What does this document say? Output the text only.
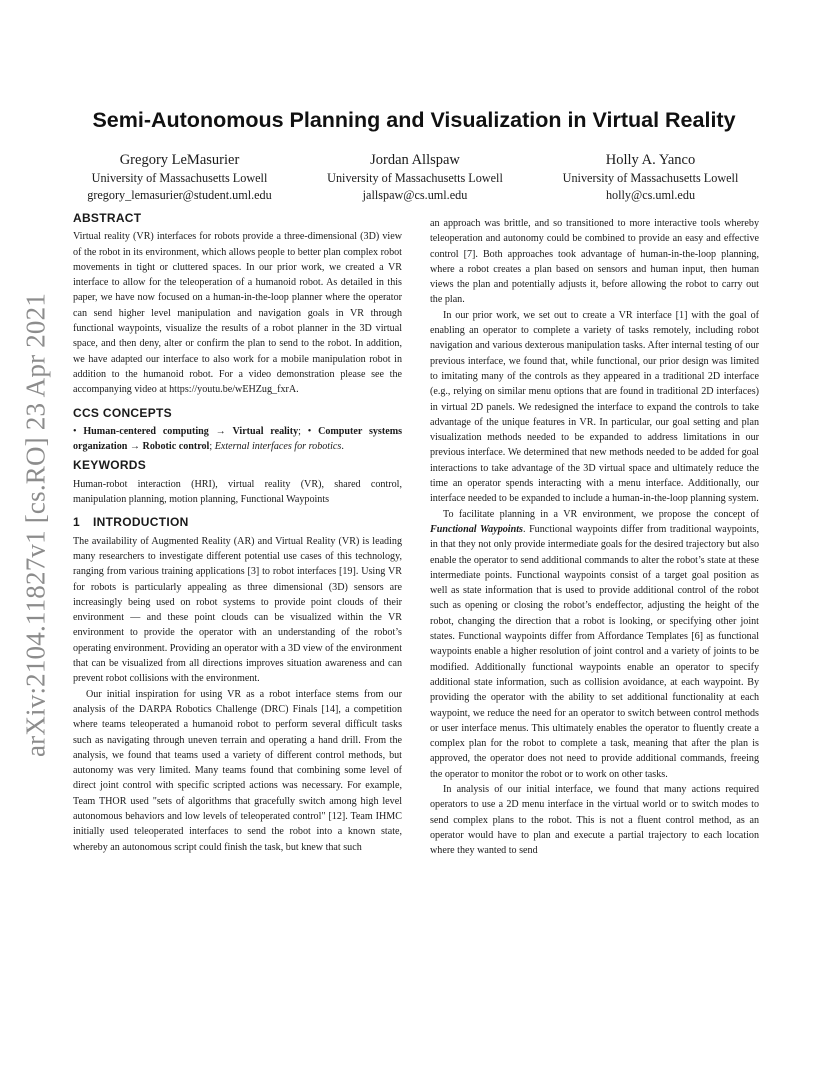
arXiv:2104.11827v1 [cs.RO] 23 Apr 2021
Semi-Autonomous Planning and Visualization in Virtual Reality
Gregory LeMasurier
University of Massachusetts Lowell
gregory_lemasurier@student.uml.edu
Jordan Allspaw
University of Massachusetts Lowell
jallspaw@cs.uml.edu
Holly A. Yanco
University of Massachusetts Lowell
holly@cs.uml.edu
ABSTRACT

Virtual reality (VR) interfaces for robots provide a three-dimensional (3D) view of the robot in its environment, which allows people to better plan complex robot movements in tight or cluttered spaces. In our prior work, we created a VR interface to allow for the teleoperation of a humanoid robot. As detailed in this paper, we have now focused on a human-in-the-loop planner where the operator can send higher level manipulation and navigation goals in VR through functional waypoints, visualize the results of a robot planner in the 3D virtual space, and then deny, alter or confirm the plan to send to the robot. In addition, we have adapted our interface to also work for a mobile manipulation robot in addition to the humanoid robot. For a video demonstration please see the accompanying video at https://youtu.be/wEHZug_fxrA.

CCS CONCEPTS

• Human-centered computing → Virtual reality; • Computer systems organization → Robotic control; External interfaces for robotics.

KEYWORDS

Human-robot interaction (HRI), virtual reality (VR), shared control, manipulation planning, motion planning, Functional Waypoints

1 INTRODUCTION

The availability of Augmented Reality (AR) and Virtual Reality (VR) is leading many researchers to investigate different potential use cases of this technology, ranging from various training applications [3] to robot interfaces [19]. Using VR for robots is particularly appealing as three dimensional (3D) sensors are increasingly being used on robot systems to provide point clouds of their environment — and these point clouds can be visualized within the VR environment to provide the operator with an understanding of the robot’s operating environment. Providing an operator with a 3D view of the environment that can be visualized from all directions improves situation awareness and can prevent robot collisions with the environment.

Our initial inspiration for using VR as a robot interface stems from our analysis of the DARPA Robotics Challenge (DRC) Finals [14], a competition where teams teleoperated a humanoid robot to perform several difficult tasks such as navigating through uneven terrain and operating a hand drill. From the analysis, we found that teams used a variety of different control methods, but autonomy was very limited. Many teams found that combining some level of direct joint control with specific scripted actions was necessary. For example, Team THOR used "sets of algorithms that gracefully switch among high level autonomous behaviors and low levels of teleoperated control" [12]. Team IHMC initially used teleoperated interfaces to send the robot into a known state, whereby an autonomous script could finish the task, but knew that such

an approach was brittle, and so transitioned to more interactive tools whereby teleoperation and autonomy could be combined to provide an easy and effective control [7]. Both approaches took advantage of human-in-the-loop planning, where a robot creates a plan based on sensors and human input, then human views the plan and potentially adjusts it, before allowing the robot to carry out the plan.

In our prior work, we set out to create a VR interface [1] with the goal of enabling an operator to complete a variety of tasks remotely, including robot navigation and various dexterous manipulation tasks. After internal testing of our previous interface, we found that, while functional, our prior design was limited to imitating many of the controls as they appeared in a traditional 2D interface (e.g., relying on similar menu options that are found in traditional 2D interfaces) in virtual 2D panels. We redesigned the interface to expand the controls to take advantage of the unique features in VR. In particular, our goal setting and plan visualization methods needed to be expanded to address limitations in our previous interface. We determined that new methods needed to be added for goal interactions to take advantage of the 3D virtual space and ultimately reduce the time an operator spends interacting with a menu interface. Additionally, our interface needed to be expanded to include a human-in-the-loop planning system.

To facilitate planning in a VR environment, we propose the concept of Functional Waypoints. Functional waypoints differ from traditional waypoints, in that they not only provide intermediate goals for the desired trajectory but also enable the operator to send additional commands to alter the robot’s state at these intermediate points. Functional waypoints consist of a target goal position as well as state information that is used to provide additional control of the robot such as opening or closing the robot’s endeffector, adjusting the height of the robot, changing the direction that a robot is looking, or specifying other joint states. Functional waypoints differ from Affordance Templates [6] as functional waypoints enable a higher resolution of joint control and a variety of joints to be modified. Additionally functional waypoints enable an operator to specify additional state information, such as collision avoidance, at each waypoint. By providing the operator with the ability to set additional functionality at each waypoint, we reduce the need for an operator to switch between control methods or user interface menus. This ultimately enables the operator to fluently create a complex plan for the robot to complete a task, meaning that after the plan is approved, the operator does not need to provide additional commands, freeing the operator to monitor the robot or to work on other tasks.

In analysis of our initial interface, we found that many actions required operators to use a 2D menu interface in the virtual world or to switch modes to send complex plans to the robot. This is not a fluent control method, as an operator would have to plan and execute a partial trajectory to each location where they wanted to send
